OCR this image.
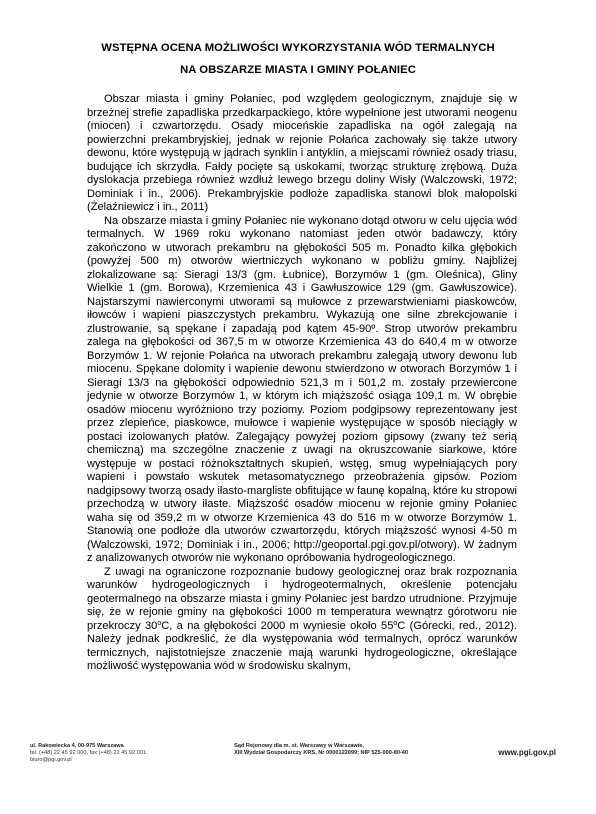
WSTĘPNA OCENA MOŻLIWOŚCI WYKORZYSTANIA WÓD TERMALNYCH
NA OBSZARZE MIASTA I GMINY POŁANIEC

Obszar miasta i gminy Połaniec, pod względem geologicznym, znajduje się w brzeżnej strefie zapadliska przedkarpackiego, które wypełnione jest utworami neogenu (miocen) i czwartorzędu. Osady mioceńskie zapadliska na ogół zalegają na powierzchni prekambryjskiej, jednak w rejonie Połańca zachowały się także utwory dewonu, które występują w jądrach synklin i antyklin, a miejscami również osady triasu, budujące ich skrzydła. Fałdy pocięte są uskokami, tworząc strukturę zrębową. Duża dyslokacja przebiega również wzdłuż lewego brzegu doliny Wisły (Walczowski, 1972; Dominiak i in., 2006). Prekambryjskie podłoże zapadliska stanowi blok małopolski (Żelaźniewicz i in., 2011)

Na obszarze miasta i gminy Połaniec nie wykonano dotąd otworu w celu ujęcia wód termalnych. W 1969 roku wykonano natomiast jeden otwór badawczy, który zakończono w utworach prekambru na głębokości 505 m. Ponadto kilka głębokich (powyżej 500 m) otworów wiertniczych wykonano w pobliżu gminy. Najbliżej zlokalizowane są: Sieragi 13/3 (gm. Łubnice), Borzymów 1 (gm. Oleśnica), Gliny Wielkie 1 (gm. Borowa), Krzemienica 43 i Gawłuszowice 129 (gm. Gawłuszowice). Najstarszymi nawierconymi utworami są mułowce z przewarstwieniami piaskowców, iłowców i wapieni piaszczystych prekambru. Wykazują one silne zbrekcjowanie i zlustrowanie, są spękane i zapadają pod kątem 45-90º. Strop utworów prekambru zalega na głębokości od 367,5 m w otworze Krzemienica 43 do 640,4 m w otworze Borzymów 1. W rejonie Połańca na utworach prekambru zalegają utwory dewonu lub miocenu. Spękane dolomity i wapienie dewonu stwierdzono w otworach Borzymów 1 i Sieragi 13/3 na głębokości odpowiednio 521,3 m i 501,2 m. zostały przewiercone jedynie w otworze Borzymów 1, w którym ich miąższość osiąga 109,1 m. W obrębie osadów miocenu wyróżniono trzy poziomy. Poziom podgipsowy reprezentowany jest przez zlepieńce, piaskowce, mułowce i wapienie występujące w sposób nieciągły w postaci izolowanych płatów. Zalegający powyżej poziom gipsowy (zwany też serią chemiczną) ma szczególne znaczenie z uwagi na okruszcowanie siarkowe, które występuje w postaci różnokształtnych skupień, wstęg, smug wypełniających pory wapieni i powstało wskutek metasomatycznego przeobrażenia gipsów. Poziom nadgipsowy tworzą osady iłasto-margliste obfitujące w faunę kopalną, które ku stropowi przechodzą w utwory iłaste. Miąższość osadów miocenu w rejonie gminy Połaniec waha się od 359,2 m w otworze Krzemienica 43 do 516 m w otworze Borzymów 1. Stanowią one podłoże dla utworów czwartorzędu, których miąższość wynosi 4-50 m (Walczowski, 1972; Dominiak i in., 2006; http://geoportal.pgi.gov.pl/otwory). W żadnym z analizowanych otworów nie wykonano opróbowania hydrogeologicznego.

Z uwagi na ograniczone rozpoznanie budowy geologicznej oraz brak rozpoznania warunków hydrogeologicznych i hydrogeotermalnych, określenie potencjału geotermalnego na obszarze miasta i gminy Połaniec jest bardzo utrudnione. Przyjmuje się, że w rejonie gminy na głębokości 1000 m temperatura wewnątrz górotworu nie przekroczy 30$^o$C, a na głębokości 2000 m wyniesie około 55$^o$C (Górecki, red., 2012). Należy jednak podkreślić, że dla występowania wód termalnych, oprócz warunków termicznych, najistotniejsze znaczenie mają warunki hydrogeologiczne, określające możliwość występowania wód w środowisku skalnym,

ul. Rakowiecka 4, 00-975 Warszawa
tel. (+48) 22 45 92 000, fax (+48) 22 45 92 001
biuro@pgi.gov.pl
Sąd Rejonowy dla m. st. Warszawy w Warszawie,
XIII Wydział Gospodarczy KRS, Nr 0000122099; NIP 525-000-80-40	www.pgi.gov.pl
